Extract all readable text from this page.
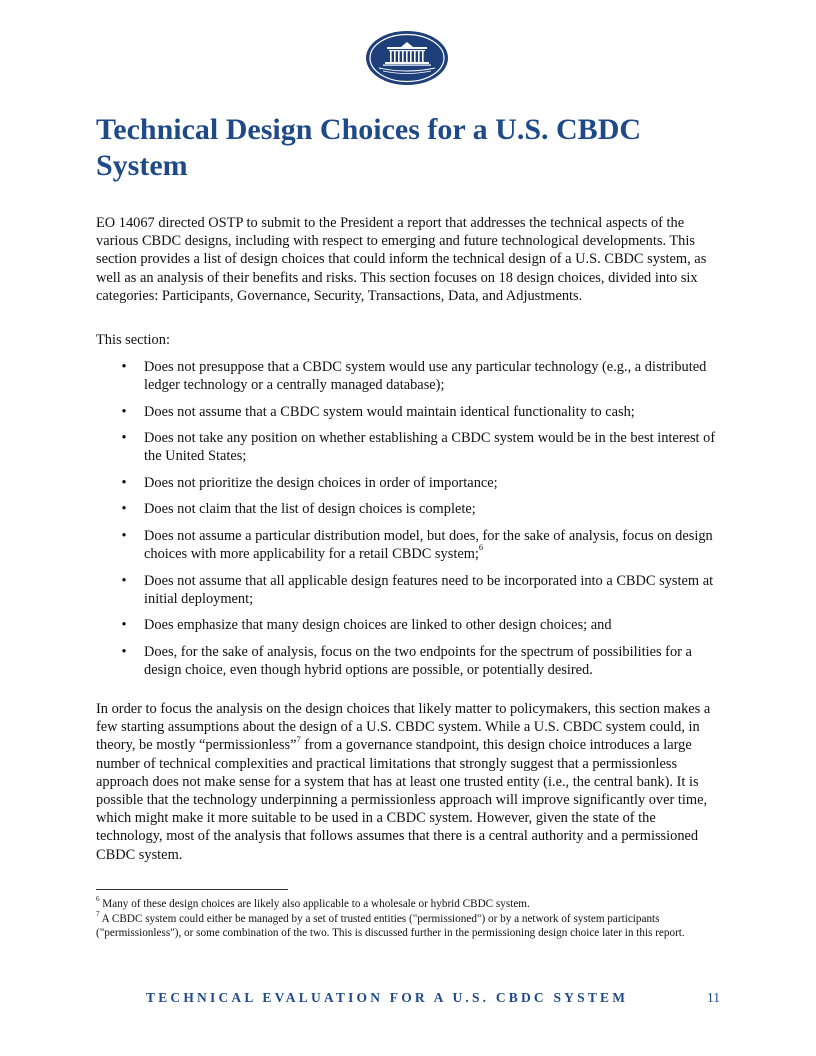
Technical Design Choices for a U.S. CBDC System

EO 14067 directed OSTP to submit to the President a report that addresses the technical aspects of the various CBDC designs, including with respect to emerging and future technological developments. This section provides a list of design choices that could inform the technical design of a U.S. CBDC system, as well as an analysis of their benefits and risks. This section focuses on 18 design choices, divided into six categories: Participants, Governance, Security, Transactions, Data, and Adjustments.

This section:

• Does not presuppose that a CBDC system would use any particular technology (e.g., a distributed ledger technology or a centrally managed database);
• Does not assume that a CBDC system would maintain identical functionality to cash;
• Does not take any position on whether establishing a CBDC system would be in the best interest of the United States;
• Does not prioritize the design choices in order of importance;
• Does not claim that the list of design choices is complete;
• Does not assume a particular distribution model, but does, for the sake of analysis, focus on design choices with more applicability for a retail CBDC system;$^6$
• Does not assume that all applicable design features need to be incorporated into a CBDC system at initial deployment;
• Does emphasize that many design choices are linked to other design choices; and
• Does, for the sake of analysis, focus on the two endpoints for the spectrum of possibilities for a design choice, even though hybrid options are possible, or potentially desired.

In order to focus the analysis on the design choices that likely matter to policymakers, this section makes a few starting assumptions about the design of a U.S. CBDC system. While a U.S. CBDC system could, in theory, be mostly “permissionless”$^7$ from a governance standpoint, this design choice introduces a large number of technical complexities and practical limitations that strongly suggest that a permissionless approach does not make sense for a system that has at least one trusted entity (i.e., the central bank). It is possible that the technology underpinning a permissionless approach will improve significantly over time, which might make it more suitable to be used in a CBDC system. However, given the state of the technology, most of the analysis that follows assumes that there is a central authority and a permissioned CBDC system.

$^6$ Many of these design choices are likely also applicable to a wholesale or hybrid CBDC system.

$^7$ A CBDC system could either be managed by a set of trusted entities ("permissioned") or by a network of system participants ("permissionless"), or some combination of the two. This is discussed further in the permissioning design choice later in this report.

TECHNICAL EVALUATION FOR A U.S. CBDC SYSTEM	11
